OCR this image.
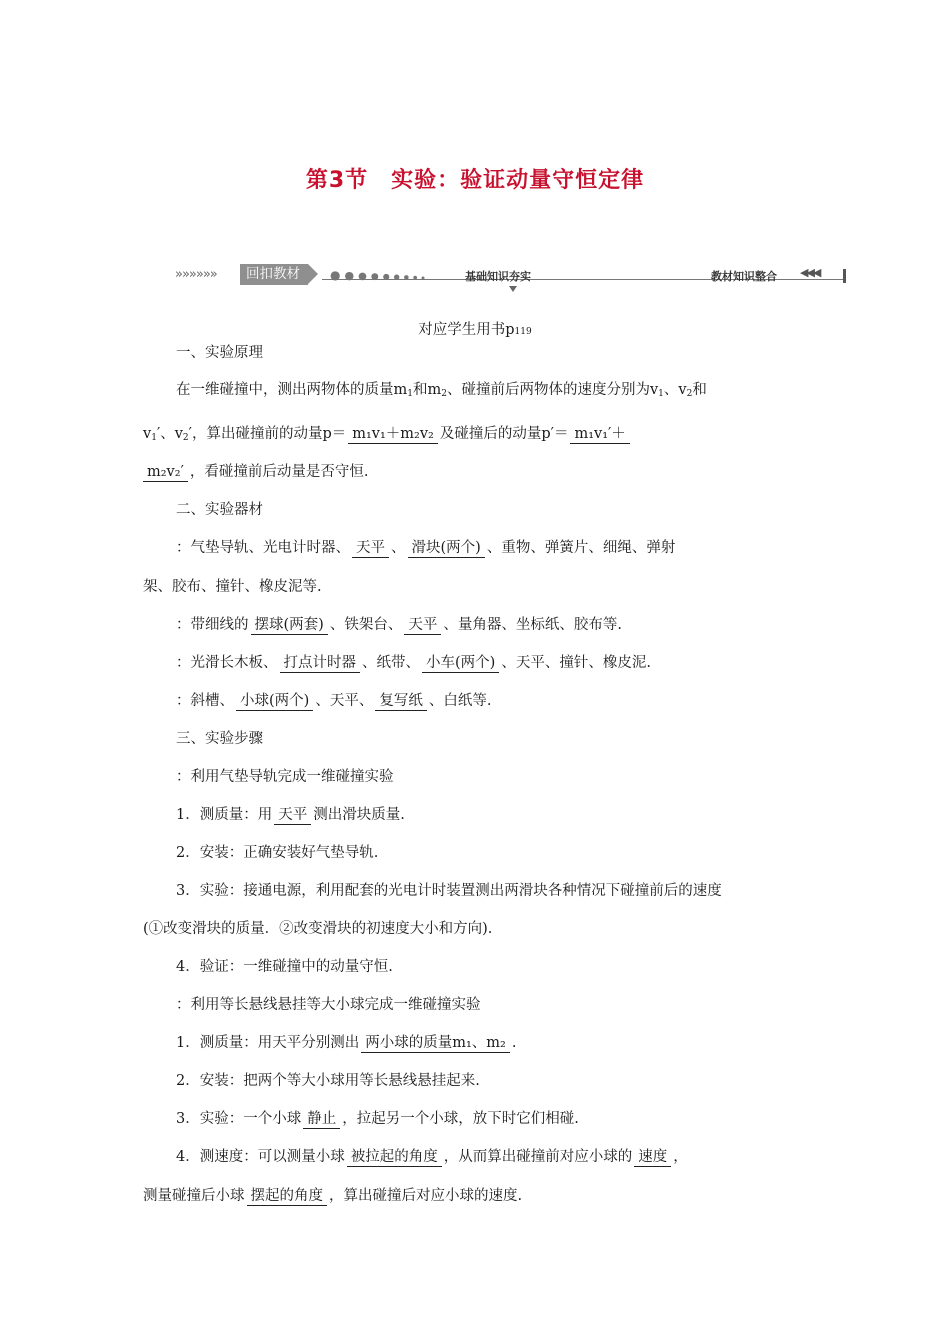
第3节　实验：验证动量守恒定律
»»»»»»	回扣教材	● ● ● ● ● ● ● ● ●	基础知识夯实	教材知识整合 ◀◀◀
对应学生用书p119
一、实验原理
在一维碰撞中，测出两物体的质量$m_1$和$m_2$、碰撞前后两物体的速度分别为$v_1$、$v_2$和
$v_1'$、$v_2'$，算出碰撞前的动量p＝ m₁v₁＋m₂v₂ 及碰撞后的动量p′＝ m₁v₁′＋
m₂v₂′ ，看碰撞前后动量是否守恒.
二、实验器材
：气垫导轨、光电计时器、 天平 、 滑块(两个) 、重物、弹簧片、细绳、弹射
架、胶布、撞针、橡皮泥等.
：带细线的 摆球(两套) 、铁架台、 天平 、量角器、坐标纸、胶布等.
：光滑长木板、 打点计时器 、纸带、 小车(两个) 、天平、撞针、橡皮泥.
：斜槽、 小球(两个) 、天平、 复写纸 、白纸等.
三、实验步骤
：利用气垫导轨完成一维碰撞实验
1．测质量：用 天平 测出滑块质量.
2．安装：正确安装好气垫导轨.
3．实验：接通电源，利用配套的光电计时装置测出两滑块各种情况下碰撞前后的速度
(①改变滑块的质量．②改变滑块的初速度大小和方向).
4．验证：一维碰撞中的动量守恒.
：利用等长悬线悬挂等大小球完成一维碰撞实验
1．测质量：用天平分别测出 两小球的质量m₁、m₂ .
2．安装：把两个等大小球用等长悬线悬挂起来.
3．实验：一个小球 静止 ，拉起另一个小球，放下时它们相碰.
4．测速度：可以测量小球 被拉起的角度 ，从而算出碰撞前对应小球的 速度 ，
测量碰撞后小球 摆起的角度 ，算出碰撞后对应小球的速度.
